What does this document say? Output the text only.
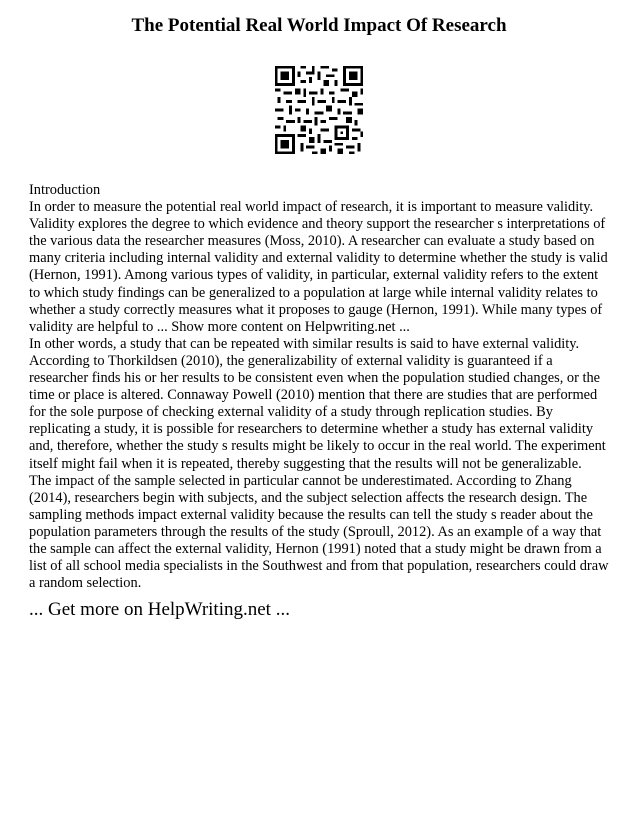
The Potential Real World Impact Of Research

Introduction

In order to measure the potential real world impact of research, it is important to measure validity. Validity explores the degree to which evidence and theory support the researcher s interpretations of the various data the researcher measures (Moss, 2010). A researcher can evaluate a study based on many criteria including internal validity and external validity to determine whether the study is valid (Hernon, 1991). Among various types of validity, in particular, external validity refers to the extent to which study findings can be generalized to a population at large while internal validity relates to whether a study correctly measures what it proposes to gauge (Hernon, 1991). While many types of validity are helpful to ... Show more content on Helpwriting.net ...

In other words, a study that can be repeated with similar results is said to have external validity. According to Thorkildsen (2010), the generalizability of external validity is guaranteed if a researcher finds his or her results to be consistent even when the population studied changes, or the time or place is altered. Connaway Powell (2010) mention that there are studies that are performed for the sole purpose of checking external validity of a study through replication studies. By replicating a study, it is possible for researchers to determine whether a study has external validity and, therefore, whether the study s results might be likely to occur in the real world. The experiment itself might fail when it is repeated, thereby suggesting that the results will not be generalizable.

The impact of the sample selected in particular cannot be underestimated. According to Zhang (2014), researchers begin with subjects, and the subject selection affects the research design. The sampling methods impact external validity because the results can tell the study s reader about the population parameters through the results of the study (Sproull, 2012). As an example of a way that the sample can affect the external validity, Hernon (1991) noted that a study might be drawn from a list of all school media specialists in the Southwest and from that population, researchers could draw a random selection.

... Get more on HelpWriting.net ...
